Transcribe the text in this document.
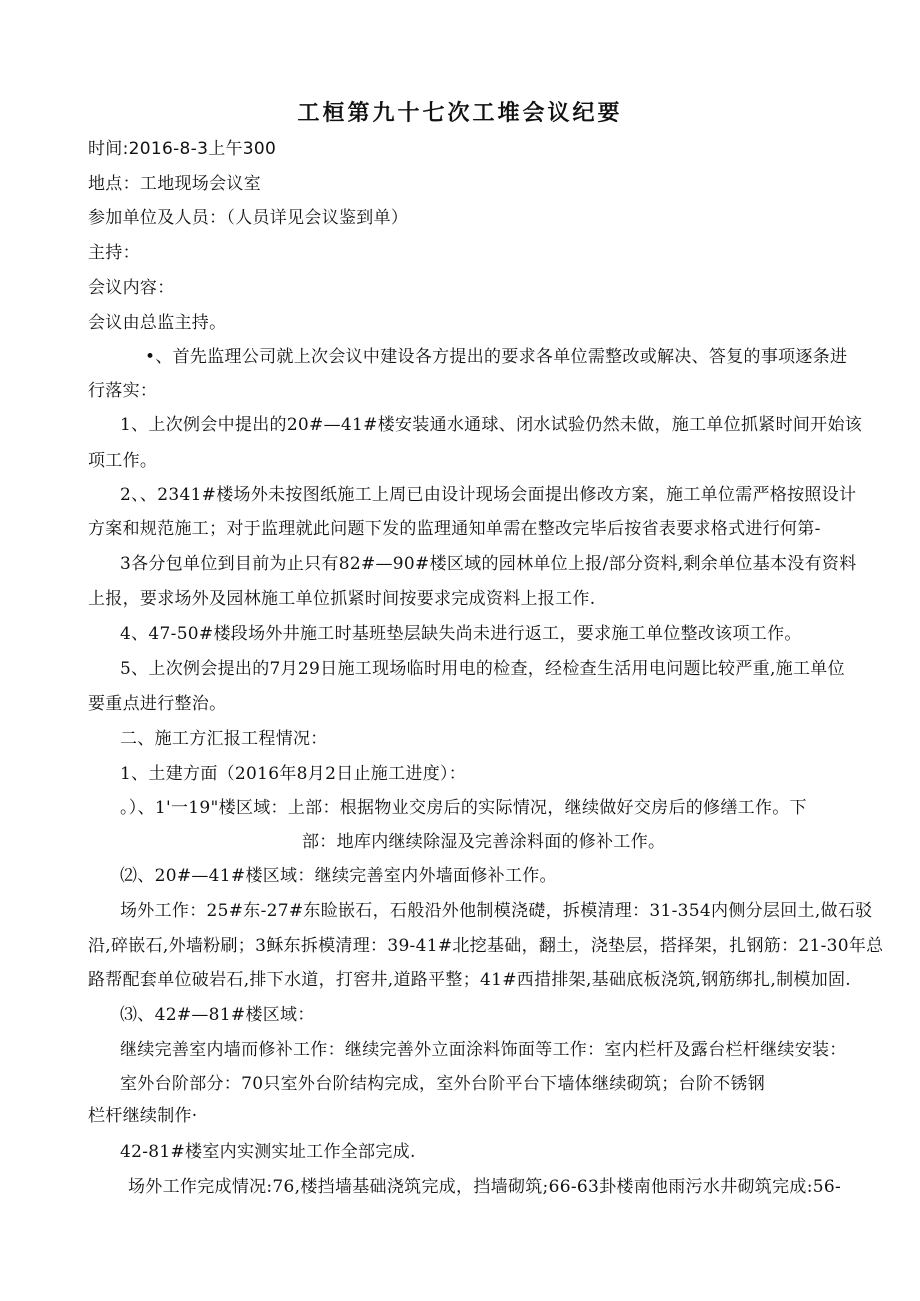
工桓第九十七次工堆会议纪要

时间:2016-8-3上午300

地点：工地现场会议室

参加单位及人员：（人员详见会议鉴到单）

主持：

会议内容：

会议由总监主持。

•、首先监理公司就上次会议中建设各方提出的要求各单位需整改或解决、答复的事项逐条进

行落实：

1、上次例会中提出的20#—41#楼安装通水通球、闭水试验仍然未做，施工单位抓紧时间开始该

项工作。

2、、2341#楼场外未按图纸施工上周已由设计现场会面提出修改方案，施工单位需严格按照设计

方案和规范施工；对于监理就此问题下发的监理通知单需在整改完毕后按省表要求格式进行何第-

3各分包单位到目前为止只有82#—90#楼区域的园林单位上报/部分资料,剩余单位基本没有资料

上报，要求场外及园林施工单位抓紧时间按要求完成资料上报工作.

4、47-50#楼段场外井施工时基班垫层缺失尚未进行返工，要求施工单位整改该项工作。

5、上次例会提出的7月29日施工现场临时用电的检查，经检查生活用电问题比较严重,施工单位

要重点进行整治。

二、施工方汇报工程情况：

1、土建方面（2016年8月2日止施工进度）：

。）、1'一19"楼区域：上部：根据物业交房后的实际情况，继续做好交房后的修缮工作。下

部：地库内继续除湿及完善涂料面的修补工作。

⑵、20#—41#楼区域：继续完善室内外墙面修补工作。

场外工作：25#东-27#东睑嵌石，石般沿外他制模浇礎，拆模清理：31-354内侧分层回土,做石驳

沿,碎嵌石,外墙粉刷；3稣东拆模清理：39-41#北挖基础，翻土，浇垫层，搭择架，扎钢筋：21-30年总

路帮配套单位破岩石,排下水道，打窖井,道路平整；41#西措排架,基础底板浇筑,钢筋绑扎,制模加固.

⑶、42#—81#楼区域：

继续完善室内墙而修补工作：继续完善外立面涂料饰面等工作：室内栏杆及露台栏杆继续安装：

室外台阶部分：70只室外台阶结构完成，室外台阶平台下墙体继续砌筑；台阶不锈钢

栏杆继续制作·

42-81#楼室内实测实址工作全部完成.

场外工作完成情况:76,楼挡墙基础浇筑完成，挡墙砌筑;66-63卦楼南他雨污水井砌筑完成:56-
